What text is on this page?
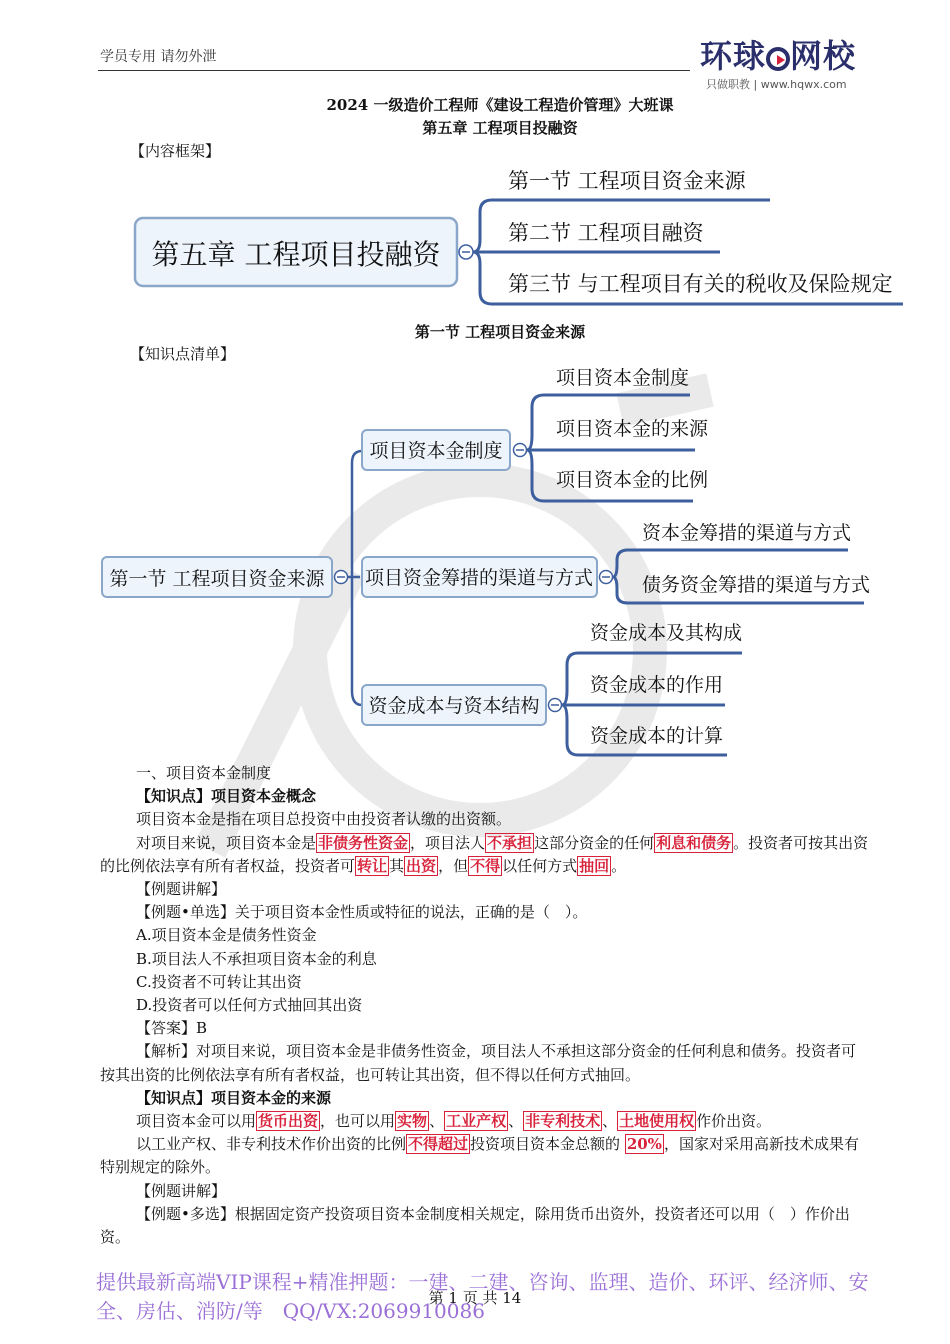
学员专用 请勿外泄	环球 网校
只做职教 | www.hqwx.com
2024 一级造价工程师《建设工程造价管理》大班课
第五章 工程项目投融资
【内容框架】
第五章 工程项目投融资
第一节 工程项目资金来源
第二节 工程项目融资
第三节 与工程项目有关的税收及保险规定
第一节 工程项目资金来源
【知识点清单】
第一节 工程项目资金来源
项目资本金制度
项目资本金制度
项目资本金的来源
项目资本金的比例
项目资金筹措的渠道与方式
资本金筹措的渠道与方式
债务资金筹措的渠道与方式
资金成本与资本结构
资金成本及其构成
资金成本的作用
资金成本的计算

一、项目资本金制度

【知识点】项目资本金概念

项目资本金是指在项目总投资中由投资者认缴的出资额。

对项目来说，项目资本金是 非债务性资金 ，项目法人 不承担 这部分资金的任何 利息和债务 。投资者可按其出资的比例依法享有所有者权益，投资者可 转让 其 出资 ，但 不得 以任何方式 抽回 。

【例题讲解】

【例题•单选】关于项目资本金性质或特征的说法，正确的是（　）。

A.项目资本金是债务性资金

B.项目法人不承担项目资本金的利息

C.投资者不可转让其出资

D.投资者可以任何方式抽回其出资

【答案】B

【解析】对项目来说，项目资本金是非债务性资金，项目法人不承担这部分资金的任何利息和债务。投资者可按其出资的比例依法享有所有者权益，也可转让其出资，但不得以任何方式抽回。

【知识点】项目资本金的来源

项目资本金可以用 货币出资 ，也可以用 实物 、 工业产权 、 非专利技术 、 土地使用权 作价出资。

以工业产权、非专利技术作价出资的比例 不得超过 投资项目资本金总额的 20% ，国家对采用高新技术成果有特别规定的除外。

【例题讲解】

【例题•多选】根据固定资产投资项目资本金制度相关规定，除用货币出资外，投资者还可以用（　）作价出资。

第 1 页 共 14
提供最新高端VIP课程+精准押题：一建、二建、咨询、监理、造价、环评、经济师、安全、房估、消防/等　QQ/VX:2069910086
